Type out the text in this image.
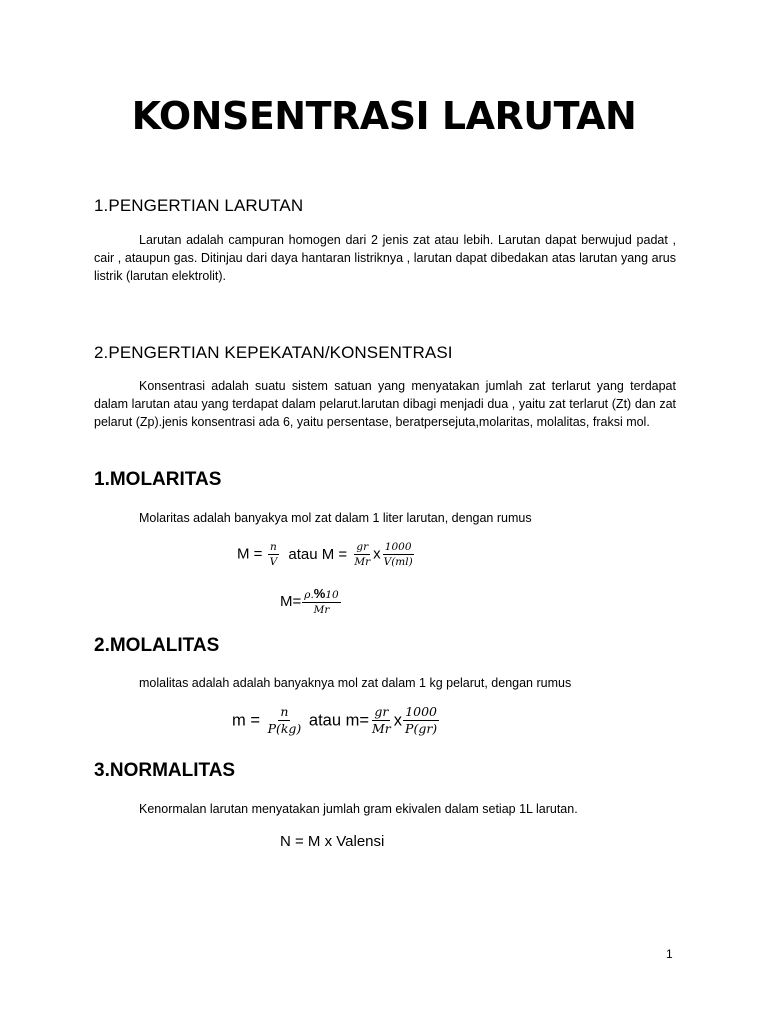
KONSENTRASI LARUTAN
1.PENGERTIAN LARUTAN

Larutan adalah campuran homogen dari 2 jenis zat atau lebih. Larutan dapat berwujud padat , cair , ataupun gas. Ditinjau dari daya hantaran listriknya , larutan dapat dibedakan atas larutan yang arus listrik (larutan elektrolit).

2.PENGERTIAN KEPEKATAN/KONSENTRASI

Konsentrasi adalah suatu sistem satuan yang menyatakan jumlah zat terlarut yang terdapat dalam larutan atau yang terdapat dalam pelarut.larutan dibagi menjadi dua , yaitu zat terlarut (Zt) dan zat pelarut (Zp).jenis konsentrasi ada 6, yaitu persentase, beratpersejuta,molaritas, molalitas, fraksi mol.

1.MOLARITAS
Molaritas adalah banyakya mol zat dalam 1 liter larutan, dengan rumus
$M = \frac{n}{V}$ atau $M = \frac{gr}{Mr}$ x $\frac{1000}{V(ml)}$
$M= \frac{\rho.\%10}{Mr}$
2.MOLALITAS
molalitas adalah adalah banyaknya mol zat dalam 1 kg pelarut, dengan rumus
$m = \frac{n}{P(kg)}$ atau $m= \frac{gr}{Mr}$ x $\frac{1000}{P(gr)}$
3.NORMALITAS
Kenormalan larutan menyatakan jumlah gram ekivalen dalam setiap 1L larutan.
N = M x Valensi
1
